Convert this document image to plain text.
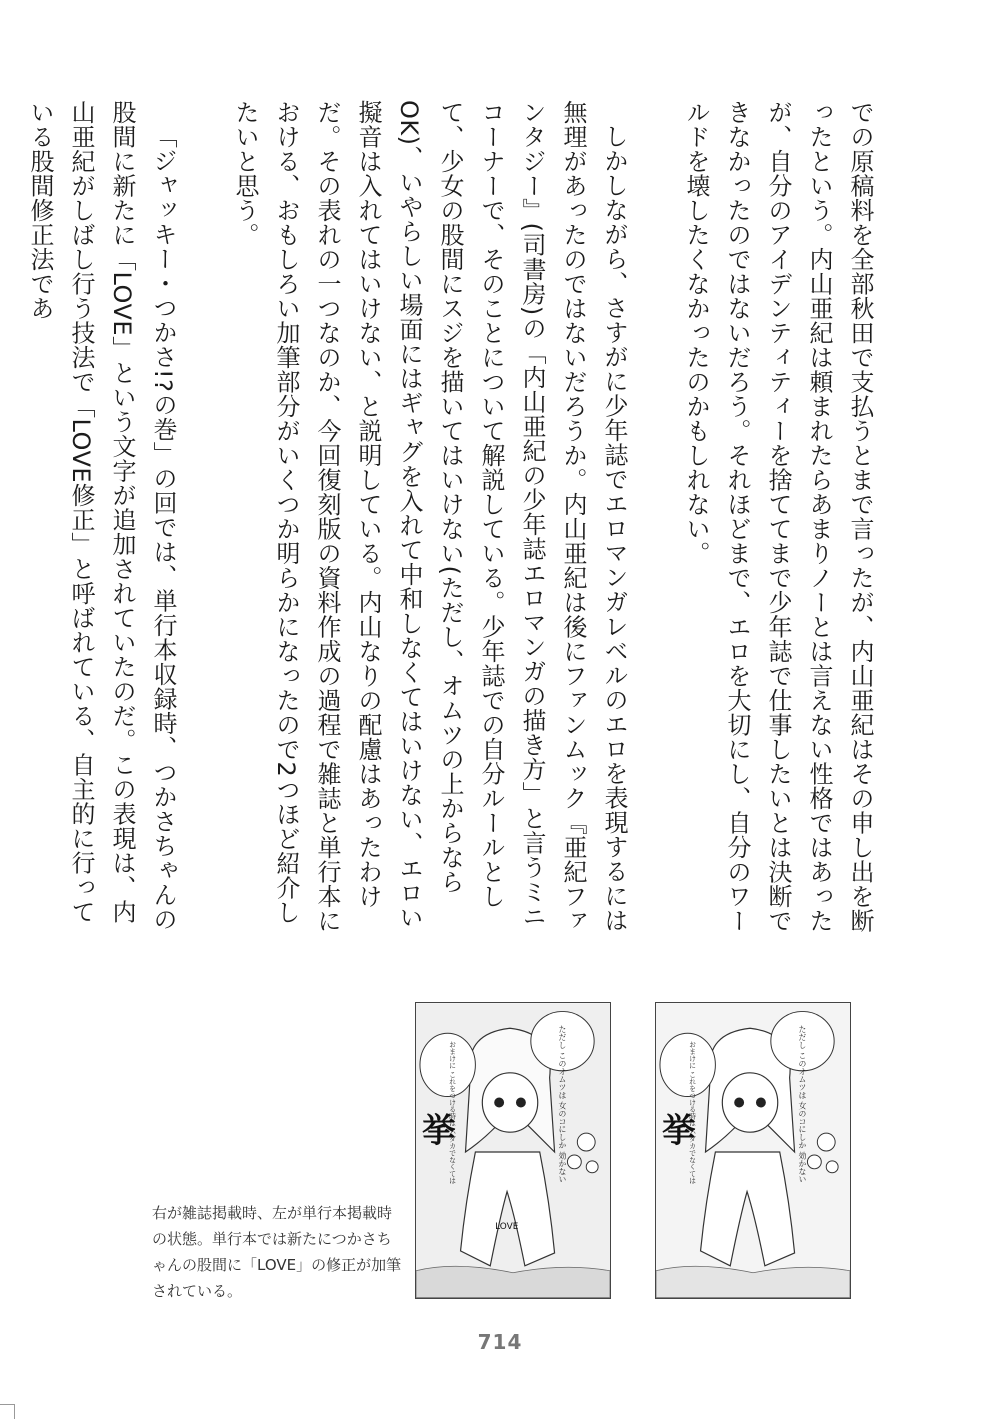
での原稿料を全部秋田で支払うとまで言ったが、内山亜紀はその申し出を断ったという。内山亜紀は頼まれたらあまりノーとは言えない性格ではあったが、自分のアイデンティティーを捨ててまで少年誌で仕事したいとは決断できなかったのではないだろう。それほどまで、エロを大切にし、自分のワールドを壊したくなかったのかもしれない。

しかしながら、さすがに少年誌でエロマンガレベルのエロを表現するには無理があったのではないだろうか。内山亜紀は後にファンムック『亜紀ファンタジー』(司書房)の「内山亜紀の少年誌エロマンガの描き方」と言うミニコーナーで、そのことについて解説している。少年誌での自分ルールとして、少女の股間にスジを描いてはいけない(ただし、オムツの上からならOK)、いやらしい場面にはギャグを入れて中和しなくてはいけない、エロい擬音は入れてはいけない、と説明している。内山なりの配慮はあったわけだ。その表れの一つなのか、今回復刻版の資料作成の過程で雑誌と単行本における、おもしろい加筆部分がいくつか明らかになったので2つほど紹介したいと思う。

「ジャッキー・つかさ!?の巻」の回では、単行本収録時、つかさちゃんの股間に新たに「LOVE」という文字が追加されていたのだ。この表現は、内山亜紀がしばし行う技法で「LOVE修正」と呼ばれている、自主的に行っている股間修正法であ

ただし このオムツは 女のコにしか 効かない
おまけに これをつける時は ハダカでなくては
挙
LOVE
ただし このオムツは 女のコにしか 効かない
おまけに これをつける時は ハダカでなくては
挙
右が雑誌掲載時、左が単行本掲載時の状態。単行本では新たにつかさちゃんの股間に「LOVE」の修正が加筆されている。
714
